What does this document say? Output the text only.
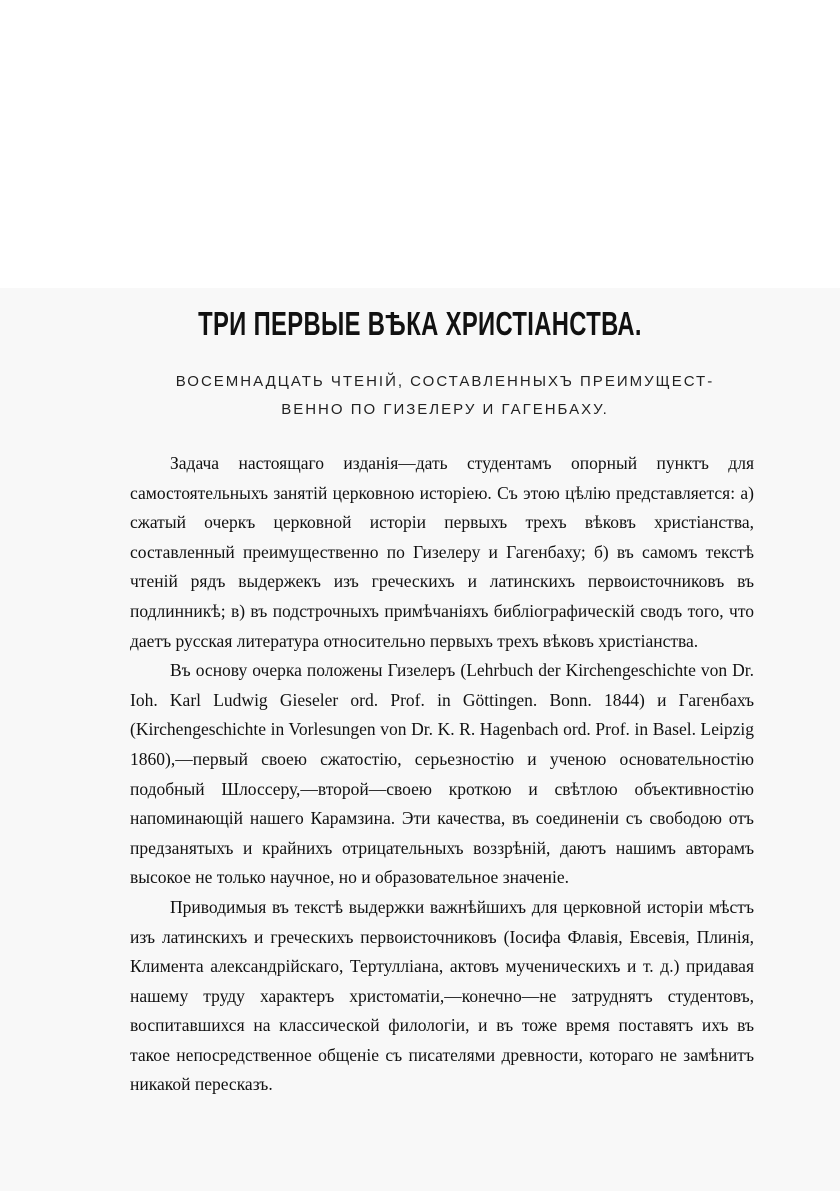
ТРИ ПЕРВЫЕ ВѢКА ХРИСТІАНСТВА.
ВОСЕМНАДЦАТЬ ЧТЕНІЙ, СОСТАВЛЕННЫХЪ ПРЕИМУЩЕСТ-
ВЕННО ПО ГИЗЕЛЕРУ И ГАГЕНБАХУ.

Задача настоящаго изданія—дать студентамъ опорный пунктъ для самостоятельныхъ занятій церковною исторіею. Съ этою цѣлію представляется: а) сжатый очеркъ церковной исторіи первыхъ трехъ вѣковъ христіанства, составленный преимущественно по Гизелеру и Гагенбаху; б) въ самомъ текстѣ чтеній рядъ выдержекъ изъ греческихъ и латинскихъ первоисточниковъ въ подлинникѣ; в) въ подстрочныхъ примѣчаніяхъ библіографическій сводъ того, что даетъ русская литература относительно первыхъ трехъ вѣковъ христіанства.

Въ основу очерка положены Гизелеръ (Lehrbuch der Kirchengeschichte von Dr. Ioh. Karl Ludwig Gieseler ord. Prof. in Göttingen. Bonn. 1844) и Гагенбахъ (Kirchengeschichte in Vorlesungen von Dr. K. R. Hagenbach ord. Prof. in Basel. Leipzig 1860),—первый своею сжатостію, серьезностію и ученою основательностію подобный Шлоссеру,—второй—своею кроткою и свѣтлою объективностію напоминающій нашего Карамзина. Эти качества, въ соединеніи съ свободою отъ предзанятыхъ и крайнихъ отрицательныхъ воззрѣній, даютъ нашимъ авторамъ высокое не только научное, но и образовательное значеніе.

Приводимыя въ текстѣ выдержки важнѣйшихъ для церковной исторіи мѣстъ изъ латинскихъ и греческихъ первоисточниковъ (Іосифа Флавія, Евсевія, Плинія, Климента александрійскаго, Тертулліана, актовъ мученическихъ и т. д.) придавая нашему труду характеръ христоматіи,—конечно—не затруднятъ студентовъ, воспитавшихся на классической филологіи, и въ тоже время поставятъ ихъ въ такое непосредственное общеніе съ писателями древности, котораго не замѣнитъ никакой пересказъ.
